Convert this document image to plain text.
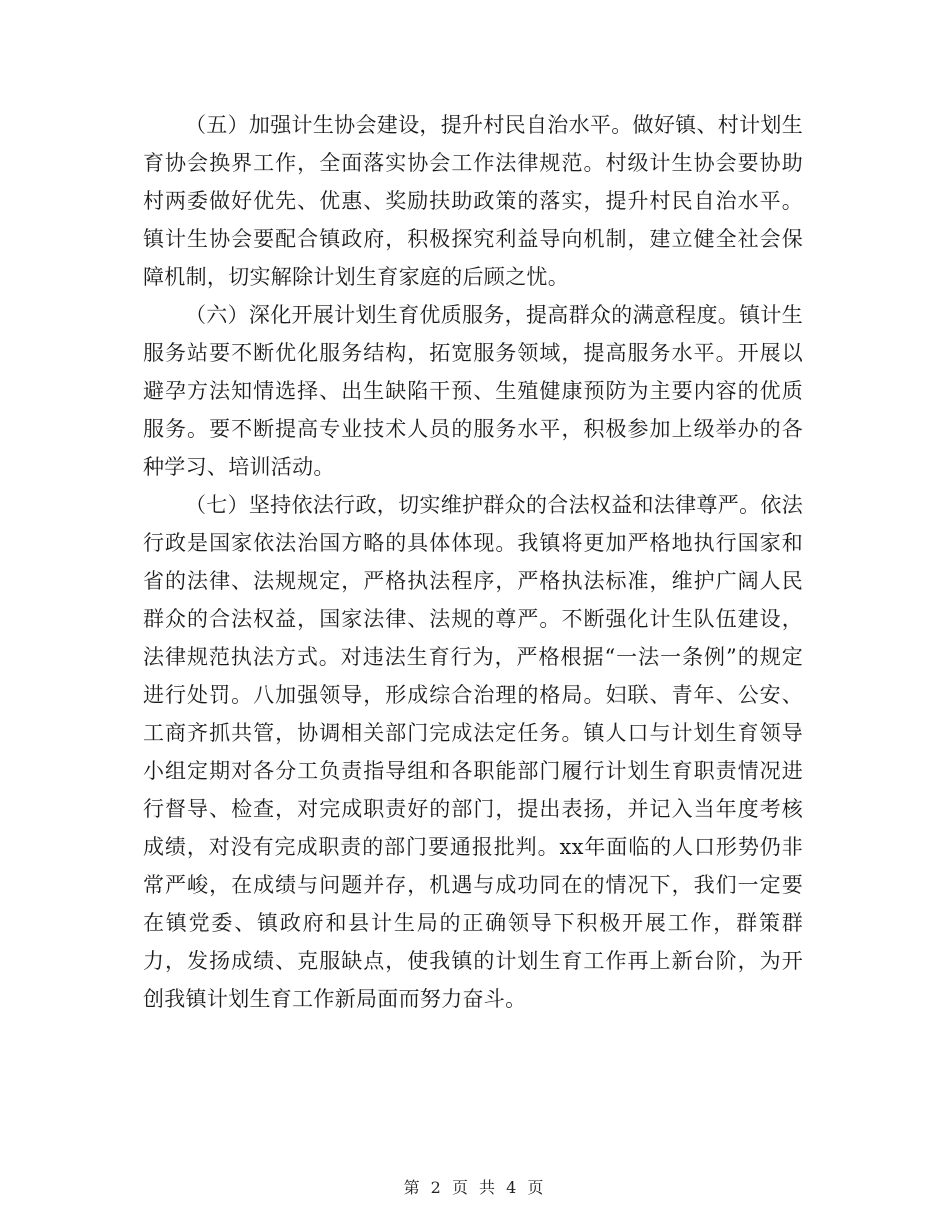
（五）加强计生协会建设，提升村民自治水平。做好镇、村计划生育协会换界工作，全面落实协会工作法律规范。村级计生协会要协助村两委做好优先、优惠、奖励扶助政策的落实，提升村民自治水平。镇计生协会要配合镇政府，积极探究利益导向机制，建立健全社会保障机制，切实解除计划生育家庭的后顾之忧。

（六）深化开展计划生育优质服务，提高群众的满意程度。镇计生服务站要不断优化服务结构，拓宽服务领域，提高服务水平。开展以避孕方法知情选择、出生缺陷干预、生殖健康预防为主要内容的优质服务。要不断提高专业技术人员的服务水平，积极参加上级举办的各种学习、培训活动。

（七）坚持依法行政，切实维护群众的合法权益和法律尊严。依法行政是国家依法治国方略的具体体现。我镇将更加严格地执行国家和省的法律、法规规定，严格执法程序，严格执法标准，维护广阔人民群众的合法权益，国家法律、法规的尊严。不断强化计生队伍建设，法律规范执法方式。对违法生育行为，严格根据“一法一条例”的规定进行处罚。八加强领导，形成综合治理的格局。妇联、青年、公安、工商齐抓共管，协调相关部门完成法定任务。镇人口与计划生育领导小组定期对各分工负责指导组和各职能部门履行计划生育职责情况进行督导、检查，对完成职责好的部门，提出表扬，并记入当年度考核成绩，对没有完成职责的部门要通报批判。xx年面临的人口形势仍非常严峻，在成绩与问题并存，机遇与成功同在的情况下，我们一定要在镇党委、镇政府和县计生局的正确领导下积极开展工作，群策群力，发扬成绩、克服缺点，使我镇的计划生育工作再上新台阶，为开创我镇计划生育工作新局面而努力奋斗。

第 2 页 共 4 页
